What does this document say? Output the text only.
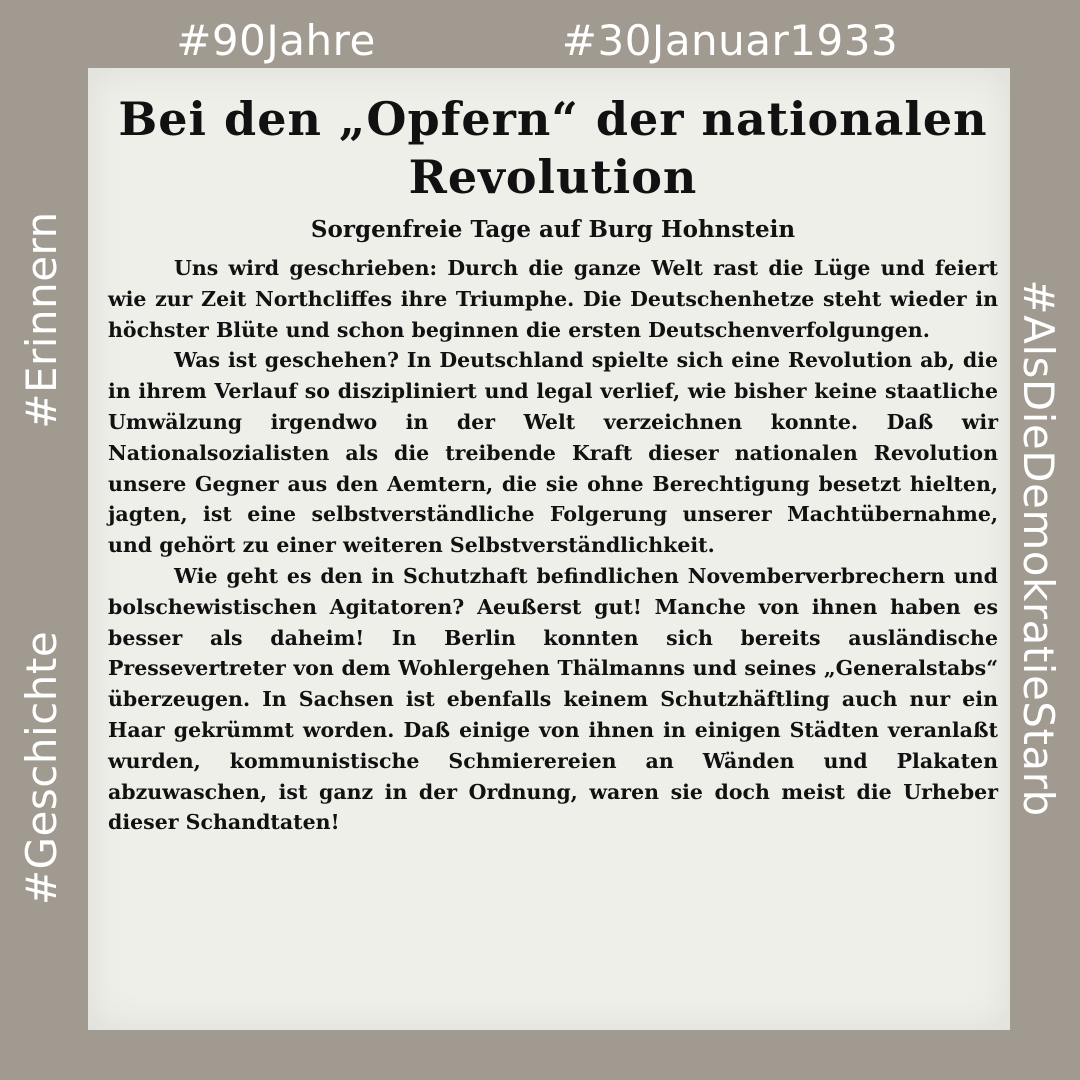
#90Jahre	#30Januar1933
#Erinnern
#Geschichte	#AlsDieDemokratieStarb
Bei den „Opfern“ der nationalen Revolution
Sorgenfreie Tage auf Burg Hohnstein

Uns wird geschrieben: Durch die ganze Welt rast die Lüge und feiert wie zur Zeit Northcliffes ihre Triumphe. Die Deutschenhetze steht wieder in höchster Blüte und schon beginnen die ersten Deutschenverfolgungen.

Was ist geschehen? In Deutschland spielte sich eine Revolution ab, die in ihrem Verlauf so diszipliniert und legal verlief, wie bisher keine staatliche Umwälzung irgendwo in der Welt verzeichnen konnte. Daß wir Nationalsozialisten als die treibende Kraft dieser nationalen Revolution unsere Gegner aus den Aemtern, die sie ohne Berechtigung besetzt hielten, jagten, ist eine selbstverständliche Folgerung unserer Machtübernahme, und gehört zu einer weiteren Selbstverständlichkeit.

Wie geht es den in Schutzhaft befindlichen Novemberverbrechern und bolschewistischen Agitatoren? Aeußerst gut! Manche von ihnen haben es besser als daheim! In Berlin konnten sich bereits ausländische Pressevertreter von dem Wohlergehen Thälmanns und seines „Generalstabs“ überzeugen. In Sachsen ist ebenfalls keinem Schutzhäftling auch nur ein Haar gekrümmt worden. Daß einige von ihnen in einigen Städten veranlaßt wurden, kommunistische Schmierereien an Wänden und Plakaten abzuwaschen, ist ganz in der Ordnung, waren sie doch meist die Urheber dieser Schandtaten!
